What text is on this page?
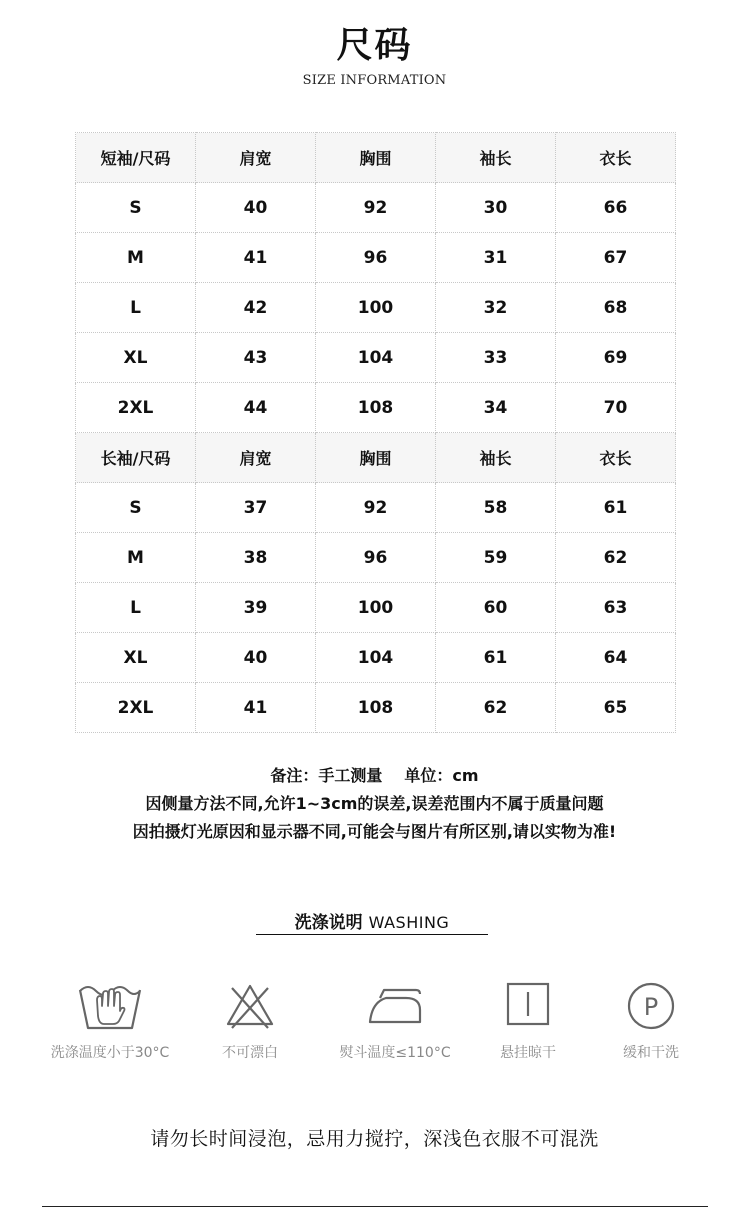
尺码
SIZE INFORMATION
短袖/尺码	肩宽	胸围	袖长	衣长
S	40	92	30	66
M	41	96	31	67
L	42	100	32	68
XL	43	104	33	69
2XL	44	108	34	70
长袖/尺码	肩宽	胸围	袖长	衣长
S	37	92	58	61
M	38	96	59	62
L	39	100	60	63
XL	40	104	61	64
2XL	41	108	62	65
备注：手工测量 单位：cm
因侧量方法不同,允许1~3cm的误差,误差范围内不属于质量问题
因拍摄灯光原因和显示器不同,可能会与图片有所区别,请以实物为准!
洗涤说明 WASHING
洗涤温度小于30°C	不可漂白	熨斗温度≤110°C	悬挂晾干
P
缓和干洗
请勿长时间浸泡，忌用力搅拧，深浅色衣服不可混洗
